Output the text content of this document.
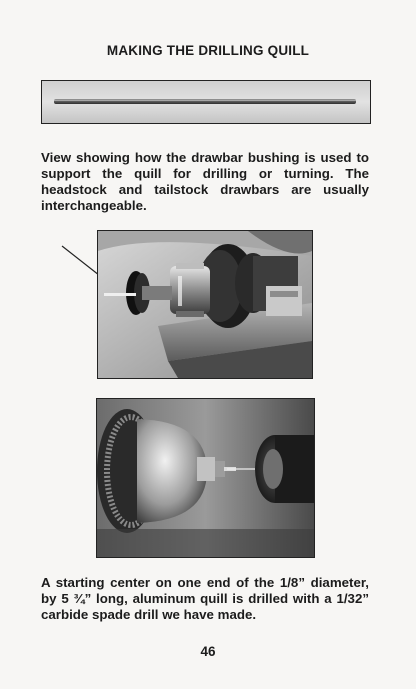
MAKING THE DRILLING QUILL
View showing how the drawbar bushing is used to support the quill for drilling or turning. The headstock and tailstock drawbars are usually interchangeable.
A starting center on one end of the 1/8” diameter, by 5 ¾” long, aluminum quill is drilled with a 1/32” carbide spade drill we have made.
46
